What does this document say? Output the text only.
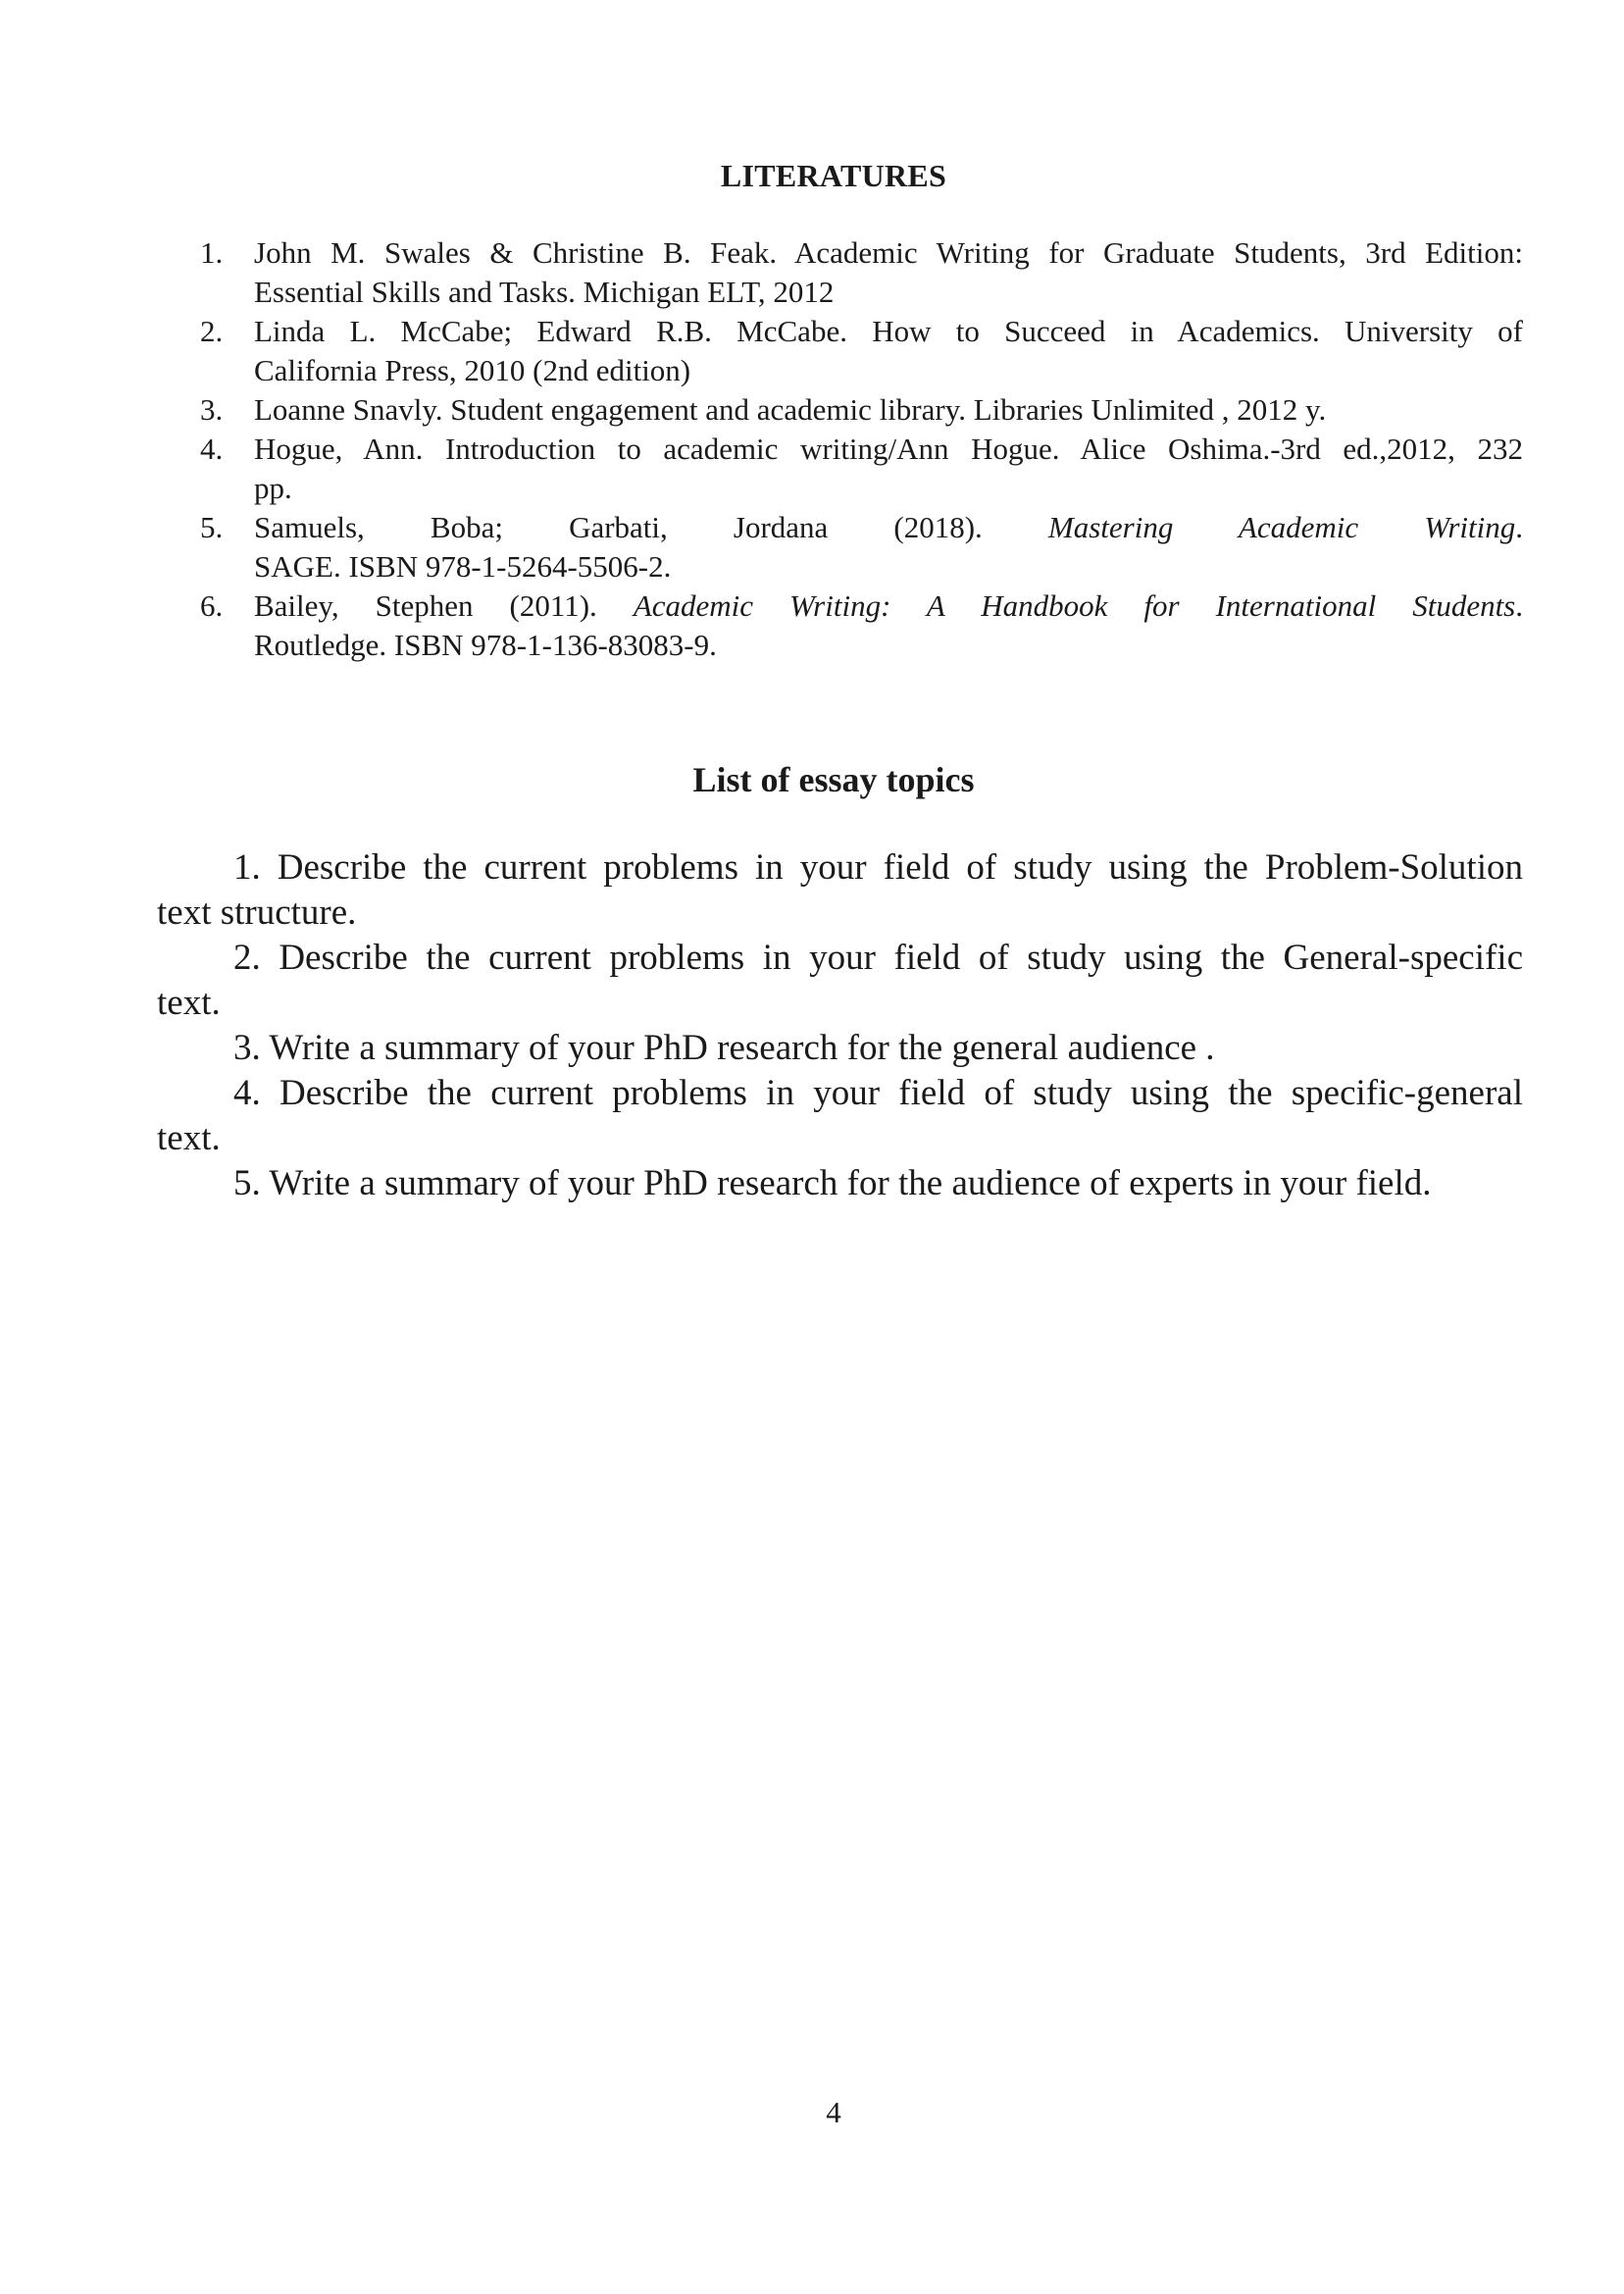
LITERATURES
1.	John M. Swales & Christine B. Feak. Academic Writing for Graduate Students, 3rd Edition:
Essential Skills and Tasks. Michigan ELT, 2012
2.	Linda L. McCabe; Edward R.B. McCabe. How to Succeed in Academics. University of
California Press, 2010 (2nd edition)
3.	Loanne Snavly. Student engagement and academic library. Libraries Unlimited , 2012 y.
4.	Hogue, Ann. Introduction to academic writing/Ann Hogue. Alice Oshima.-3rd ed.,2012, 232
pp.
5.	Samuels, Boba; Garbati, Jordana (2018). Mastering Academic Writing.
SAGE. ISBN 978-1-5264-5506-2.
6.	Bailey, Stephen (2011). Academic Writing: A Handbook for International Students.
Routledge. ISBN 978-1-136-83083-9.
List of essay topics

1. Describe the current problems in your field of study using the Problem-Solution
text structure.

2. Describe the current problems in your field of study using the General-specific
text.

3. Write a summary of your PhD research for the general audience .

4. Describe the current problems in your field of study using the specific-general
text.

5. Write a summary of your PhD research for the audience of experts in your field.

4
